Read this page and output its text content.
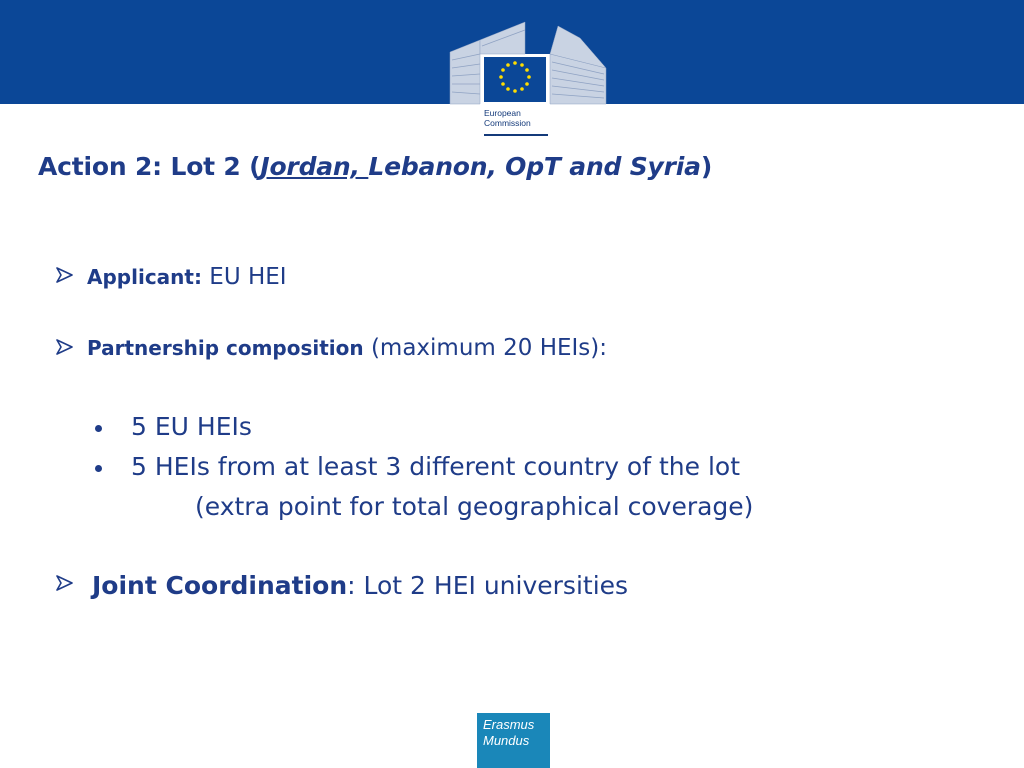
European
Commission
Action 2: Lot 2 (Jordan, Lebanon, OpT and Syria)
Applicant: EU HEI
Partnership composition (maximum 20 HEIs):
5 EU HEIs
5 HEIs from at least 3 different country of the lot
(extra point for total geographical coverage)
Joint Coordination: Lot 2 HEI universities
Erasmus
Mundus
